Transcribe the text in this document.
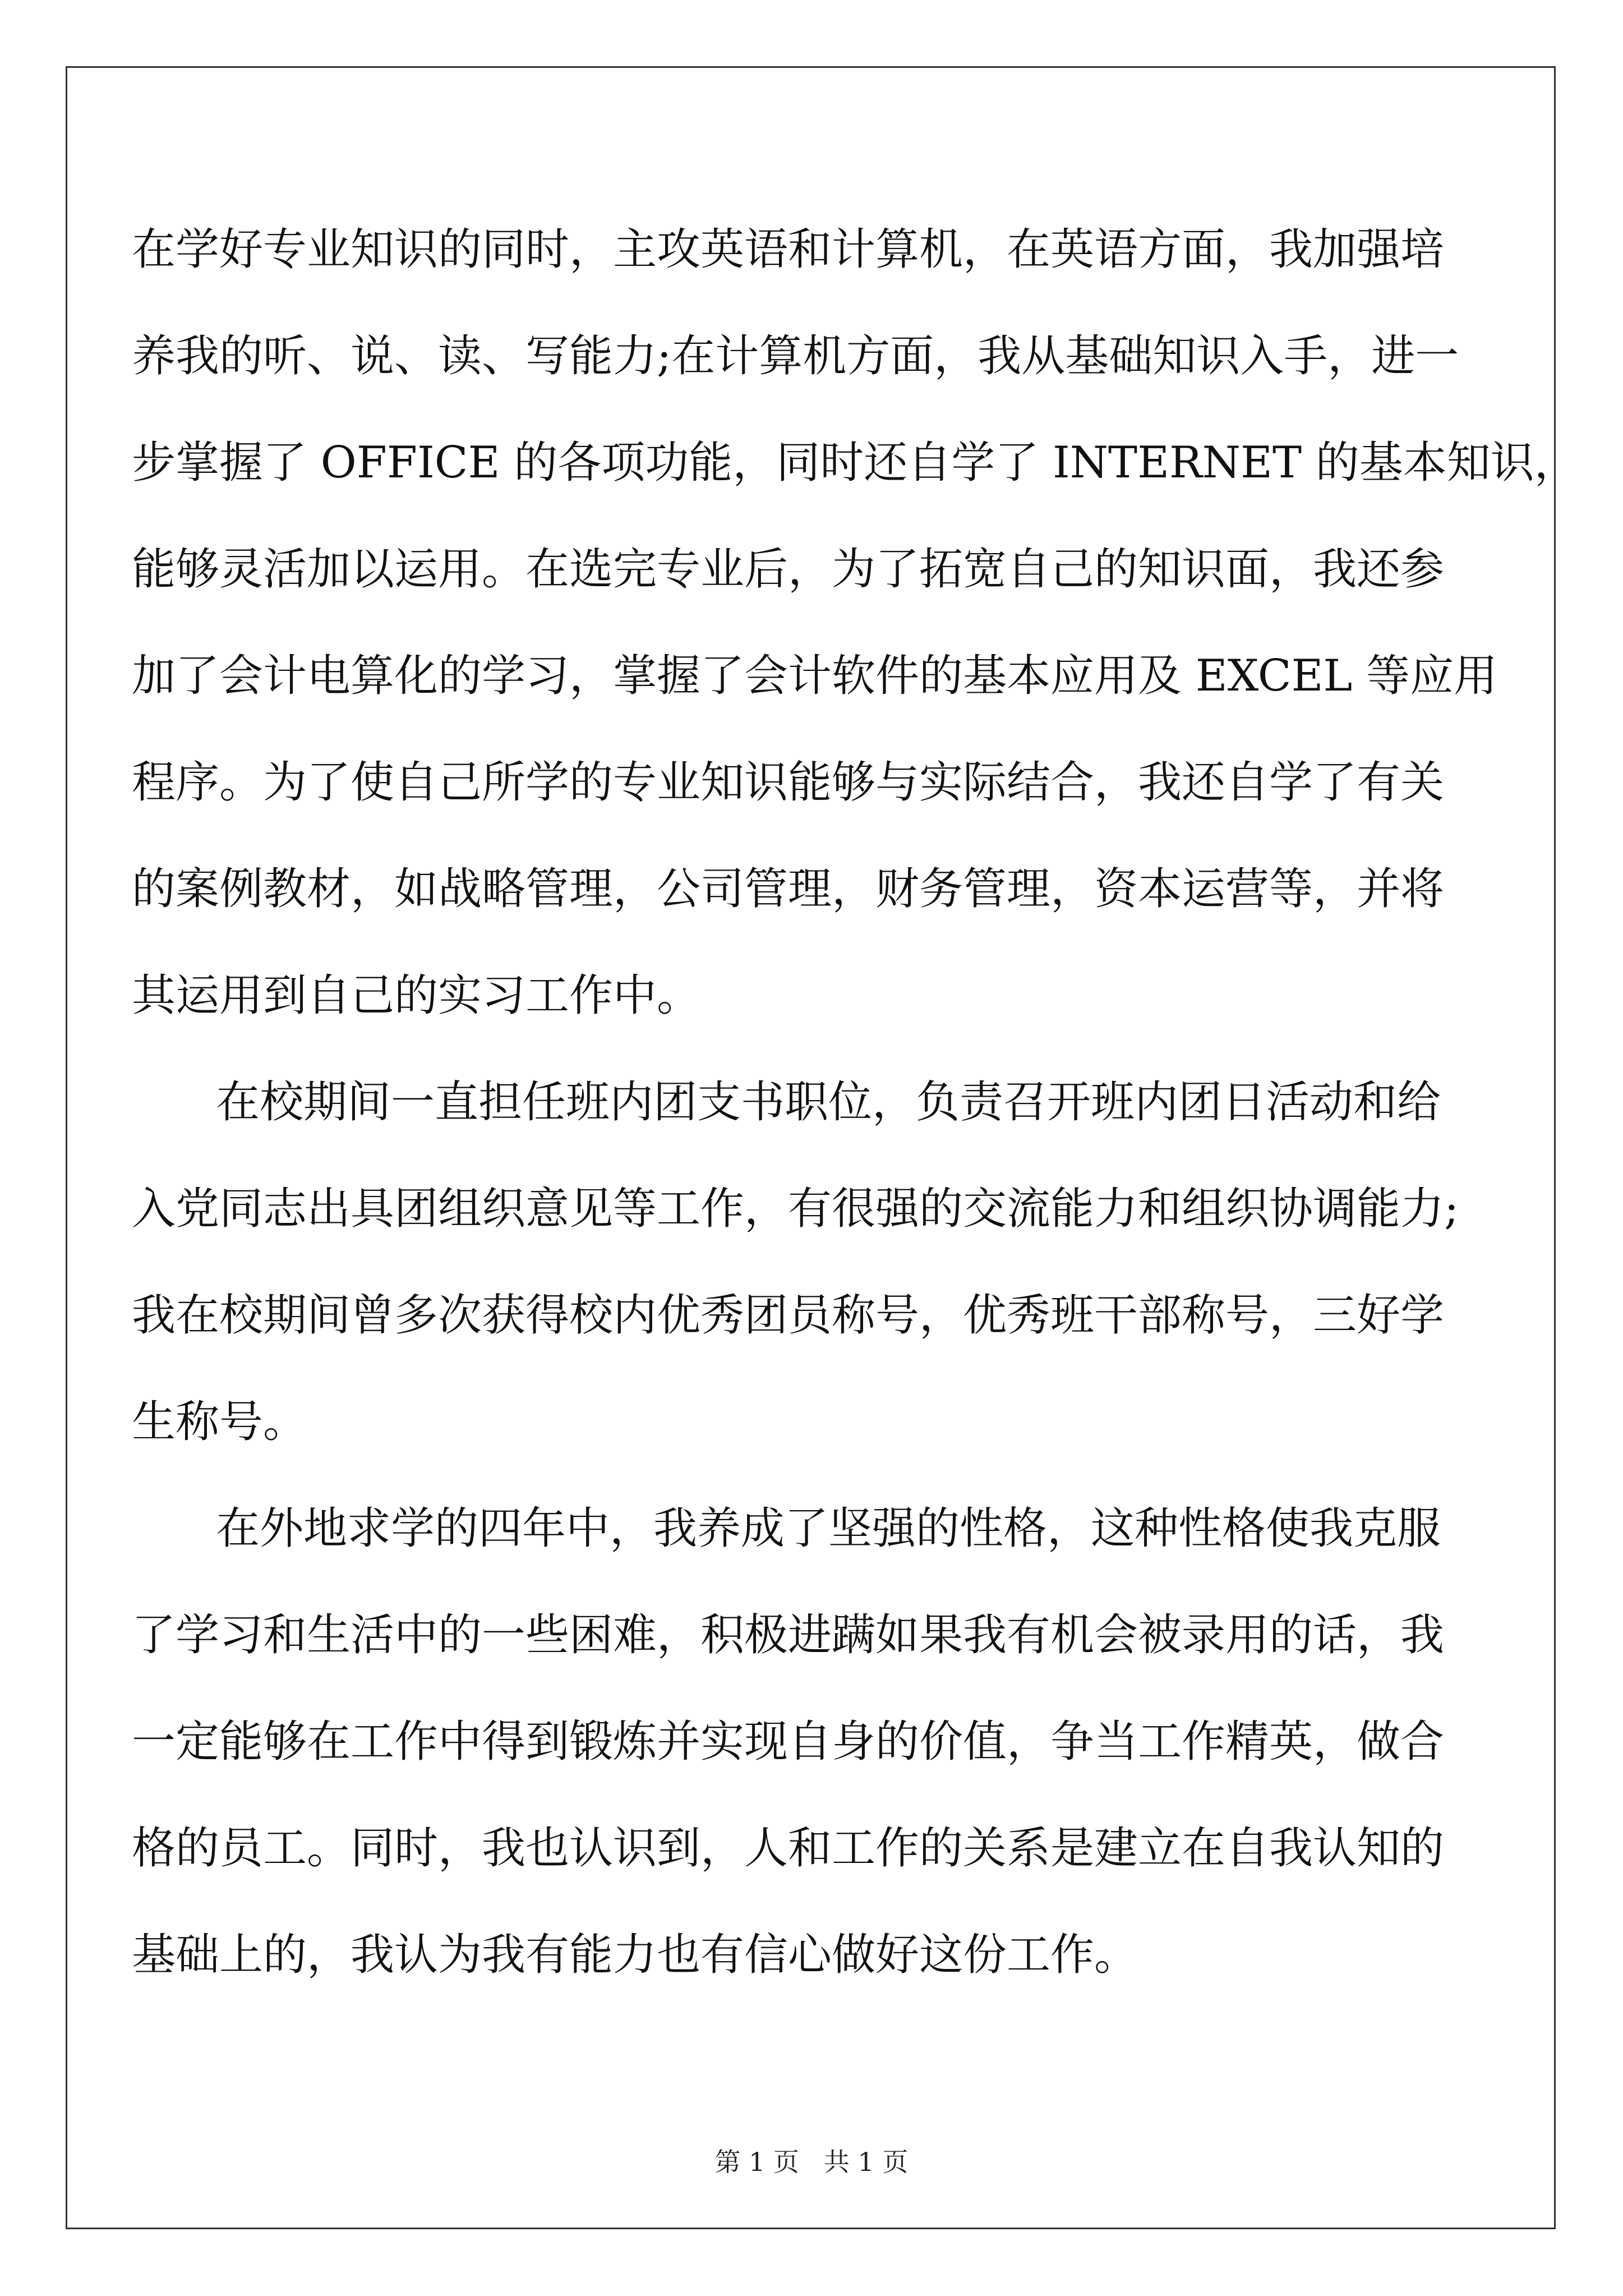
在学好专业知识的同时，主攻英语和计算机，在英语方面，我加强培
养我的听、说、读、写能力;在计算机方面，我从基础知识入手，进一
步掌握了 OFFICE 的各项功能，同时还自学了 INTERNET 的基本知识，
能够灵活加以运用。在选完专业后，为了拓宽自己的知识面，我还参
加了会计电算化的学习，掌握了会计软件的基本应用及 EXCEL 等应用
程序。为了使自己所学的专业知识能够与实际结合，我还自学了有关
的案例教材，如战略管理，公司管理，财务管理，资本运营等，并将
其运用到自己的实习工作中。
在校期间一直担任班内团支书职位，负责召开班内团日活动和给
入党同志出具团组织意见等工作，有很强的交流能力和组织协调能力;
我在校期间曾多次获得校内优秀团员称号，优秀班干部称号，三好学
生称号。
在外地求学的四年中，我养成了坚强的性格，这种性格使我克服
了学习和生活中的一些困难，积极进蹒如果我有机会被录用的话，我
一定能够在工作中得到锻炼并实现自身的价值，争当工作精英，做合
格的员工。同时，我也认识到，人和工作的关系是建立在自我认知的
基础上的，我认为我有能力也有信心做好这份工作。
第 1 页   共 1 页
